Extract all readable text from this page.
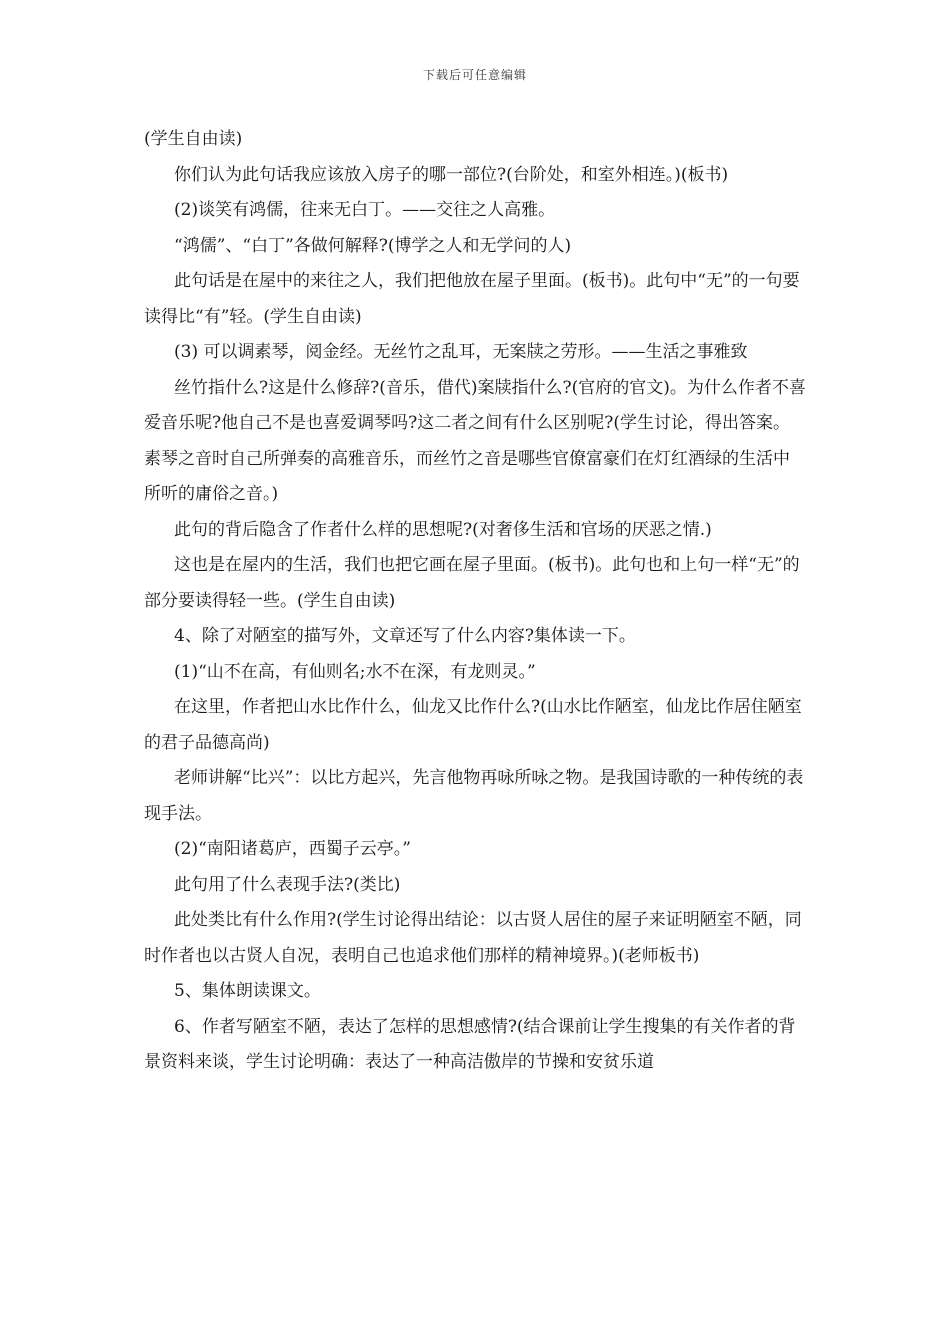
下载后可任意编辑

(学生自由读)

你们认为此句话我应该放入房子的哪一部位?(台阶处，和室外相连。)(板书)

(2)谈笑有鸿儒，往来无白丁。——交往之人高雅。

“鸿儒”、“白丁”各做何解释?(博学之人和无学问的人)

此句话是在屋中的来往之人，我们把他放在屋子里面。(板书)。此句中“无”的一句要读得比“有”轻。(学生自由读)

(3) 可以调素琴，阅金经。无丝竹之乱耳，无案牍之劳形。——生活之事雅致

丝竹指什么?这是什么修辞?(音乐，借代)案牍指什么?(官府的官文)。为什么作者不喜爱音乐呢?他自己不是也喜爱调琴吗?这二者之间有什么区别呢?(学生讨论，得出答案。素琴之音时自己所弹奏的高雅音乐，而丝竹之音是哪些官僚富豪们在灯红酒绿的生活中所听的庸俗之音。)

此句的背后隐含了作者什么样的思想呢?(对奢侈生活和官场的厌恶之情.)

这也是在屋内的生活，我们也把它画在屋子里面。(板书)。此句也和上句一样“无”的部分要读得轻一些。(学生自由读)

4、除了对陋室的描写外，文章还写了什么内容?集体读一下。

(1)“山不在高，有仙则名;水不在深，有龙则灵。”

在这里，作者把山水比作什么，仙龙又比作什么?(山水比作陋室，仙龙比作居住陋室的君子品德高尚)

老师讲解“比兴”：以比方起兴，先言他物再咏所咏之物。是我国诗歌的一种传统的表现手法。

(2)“南阳诸葛庐，西蜀子云亭。”

此句用了什么表现手法?(类比)

此处类比有什么作用?(学生讨论得出结论：以古贤人居住的屋子来证明陋室不陋，同时作者也以古贤人自况，表明自己也追求他们那样的精神境界。)(老师板书)

5、集体朗读课文。

6、作者写陋室不陋，表达了怎样的思想感情?(结合课前让学生搜集的有关作者的背景资料来谈，学生讨论明确：表达了一种高洁傲岸的节操和安贫乐道
